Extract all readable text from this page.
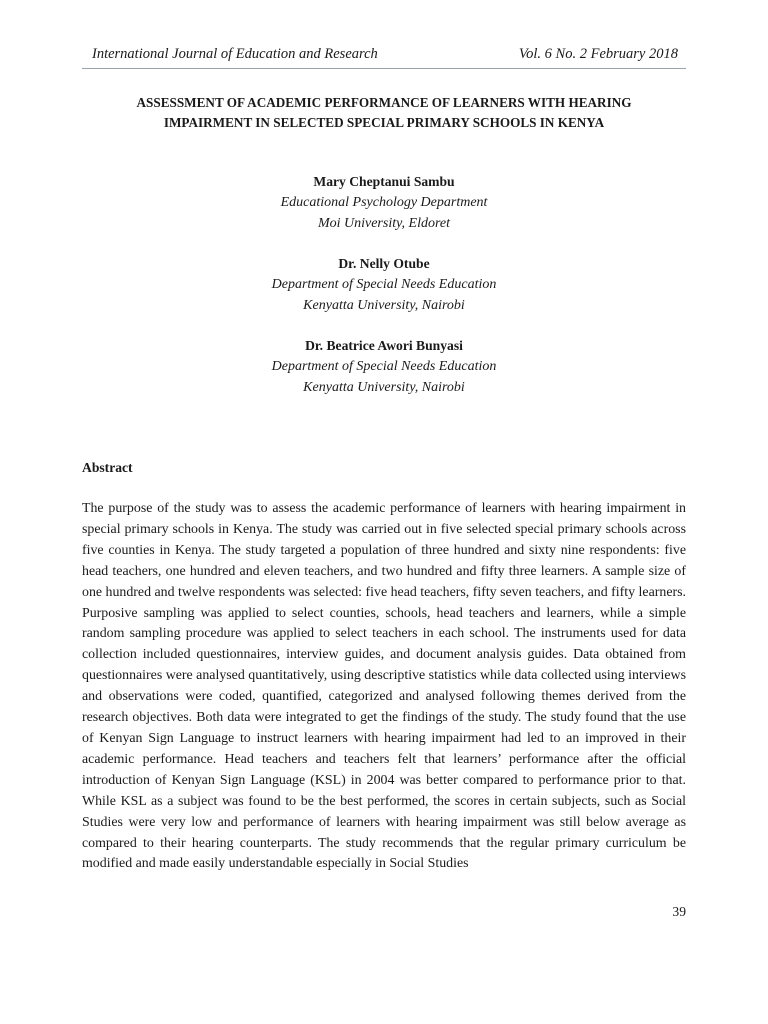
International Journal of Education and Research	Vol. 6 No. 2 February 2018
ASSESSMENT OF ACADEMIC PERFORMANCE OF LEARNERS WITH HEARING
IMPAIRMENT IN SELECTED SPECIAL PRIMARY SCHOOLS IN KENYA
Mary Cheptanui Sambu
Educational Psychology Department
Moi University, Eldoret
Dr. Nelly Otube
Department of Special Needs Education
Kenyatta University, Nairobi
Dr. Beatrice Awori Bunyasi
Department of Special Needs Education
Kenyatta University, Nairobi
Abstract

The purpose of the study was to assess the academic performance of learners with hearing impairment in special primary schools in Kenya. The study was carried out in five selected special primary schools across five counties in Kenya. The study targeted a population of three hundred and sixty nine respondents: five head teachers, one hundred and eleven teachers, and two hundred and fifty three learners. A sample size of one hundred and twelve respondents was selected: five head teachers, fifty seven teachers, and fifty learners. Purposive sampling was applied to select counties, schools, head teachers and learners, while a simple random sampling procedure was applied to select teachers in each school. The instruments used for data collection included questionnaires, interview guides, and document analysis guides. Data obtained from questionnaires were analysed quantitatively, using descriptive statistics while data collected using interviews and observations were coded, quantified, categorized and analysed following themes derived from the research objectives. Both data were integrated to get the findings of the study. The study found that the use of Kenyan Sign Language to instruct learners with hearing impairment had led to an improved in their academic performance. Head teachers and teachers felt that learners’ performance after the official introduction of Kenyan Sign Language (KSL) in 2004 was better compared to performance prior to that. While KSL as a subject was found to be the best performed, the scores in certain subjects, such as Social Studies were very low and performance of learners with hearing impairment was still below average as compared to their hearing counterparts. The study recommends that the regular primary curriculum be modified and made easily understandable especially in Social Studies

39
